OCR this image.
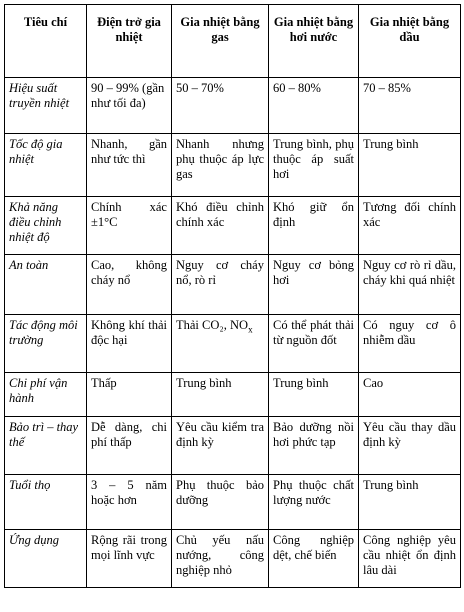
Tiêu chí	Điện trở gia nhiệt	Gia nhiệt bằng gas	Gia nhiệt bằng hơi nước	Gia nhiệt bằng dầu
Hiệu suất truyền nhiệt	90 – 99% (gần như tối đa)	50 – 70%	60 – 80%	70 – 85%
Tốc độ gia nhiệt	Nhanh, gần như tức thì	Nhanh nhưng phụ thuộc áp lực gas	Trung bình, phụ thuộc áp suất hơi	Trung bình
Khả năng điều chỉnh nhiệt độ	Chính xác ±1°C	Khó điều chỉnh chính xác	Khó giữ ổn định	Tương đối chính xác
An toàn	Cao, không cháy nổ	Nguy cơ cháy nổ, rò rỉ	Nguy cơ bỏng hơi	Nguy cơ rò rỉ dầu, cháy khi quá nhiệt
Tác động môi trường	Không khí thải độc hại	Thải CO₂, $NO_x$	Có thể phát thải từ nguồn đốt	Có nguy cơ ô nhiễm dầu
Chi phí vận hành	Thấp	Trung bình	Trung bình	Cao
Bảo trì – thay thế	Dễ dàng, chi phí thấp	Yêu cầu kiểm tra định kỳ	Bảo dưỡng nồi hơi phức tạp	Yêu cầu thay dầu định kỳ
Tuổi thọ	3 – 5 năm hoặc hơn	Phụ thuộc bảo dưỡng	Phụ thuộc chất lượng nước	Trung bình
Ứng dụng	Rộng rãi trong mọi lĩnh vực	Chủ yếu nấu nướng, công nghiệp nhỏ	Công nghiệp dệt, chế biến	Công nghiệp yêu cầu nhiệt ổn định lâu dài
